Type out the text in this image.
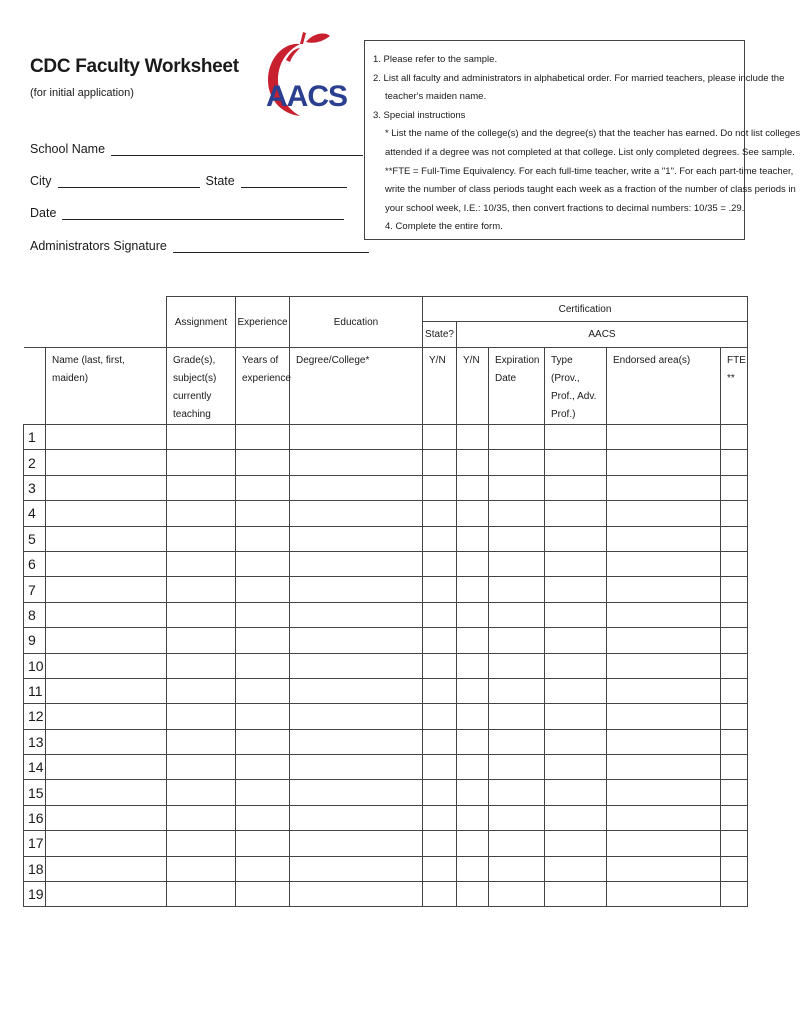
CDC Faculty Worksheet
(for initial application)	AACS
School Name
City	State
Date
Administrators Signature

1. Please refer to the sample.

2. List all faculty and administrators in alphabetical order. For married teachers, please include the

teacher's maiden name.

3. Special instructions

* List the name of the college(s) and the degree(s) that the teacher has earned. Do not list colleges

attended if a degree was not completed at that college. List only completed degrees. See sample.

**FTE = Full-Time Equivalency. For each full-time teacher, write a "1". For each part-time teacher,

write the number of class periods taught each week as a fraction of the number of class periods in

your school week, I.E.: 10/35, then convert fractions to decimal numbers: 10/35 = .29.

4. Complete the entire form.

		Assignment	Experience	Education	Certification					
					State?	AACS				
	Name (last, first, maiden)	Grade(s), subject(s) currently teaching	Years of experience	Degree/College*	Y/N	Y/N	Expiration Date	Type (Prov., Prof., Adv. Prof.)	Endorsed area(s)	FTE **
1										
2										
3										
4										
5										
6										
7										
8										
9										
10										
11										
12										
13										
14										
15										
16										
17										
18										
19										
